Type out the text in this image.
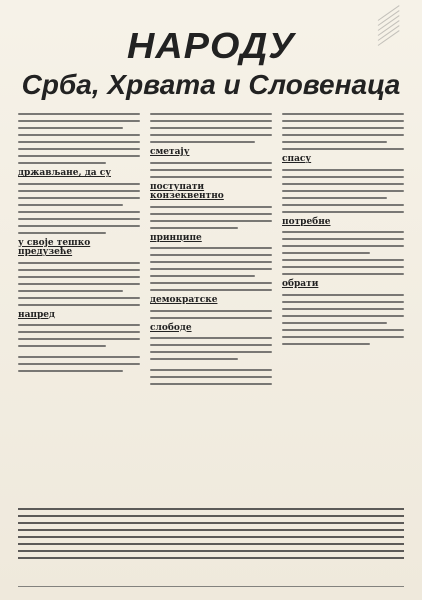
НАРОДУ
Срба, Хрвата и Словенаца
држављане, да су
у своје тешко предузеће
напред
сметају
поступати конзеквентно
принципе
демократске
слободе
спасу
потребне
обрати
